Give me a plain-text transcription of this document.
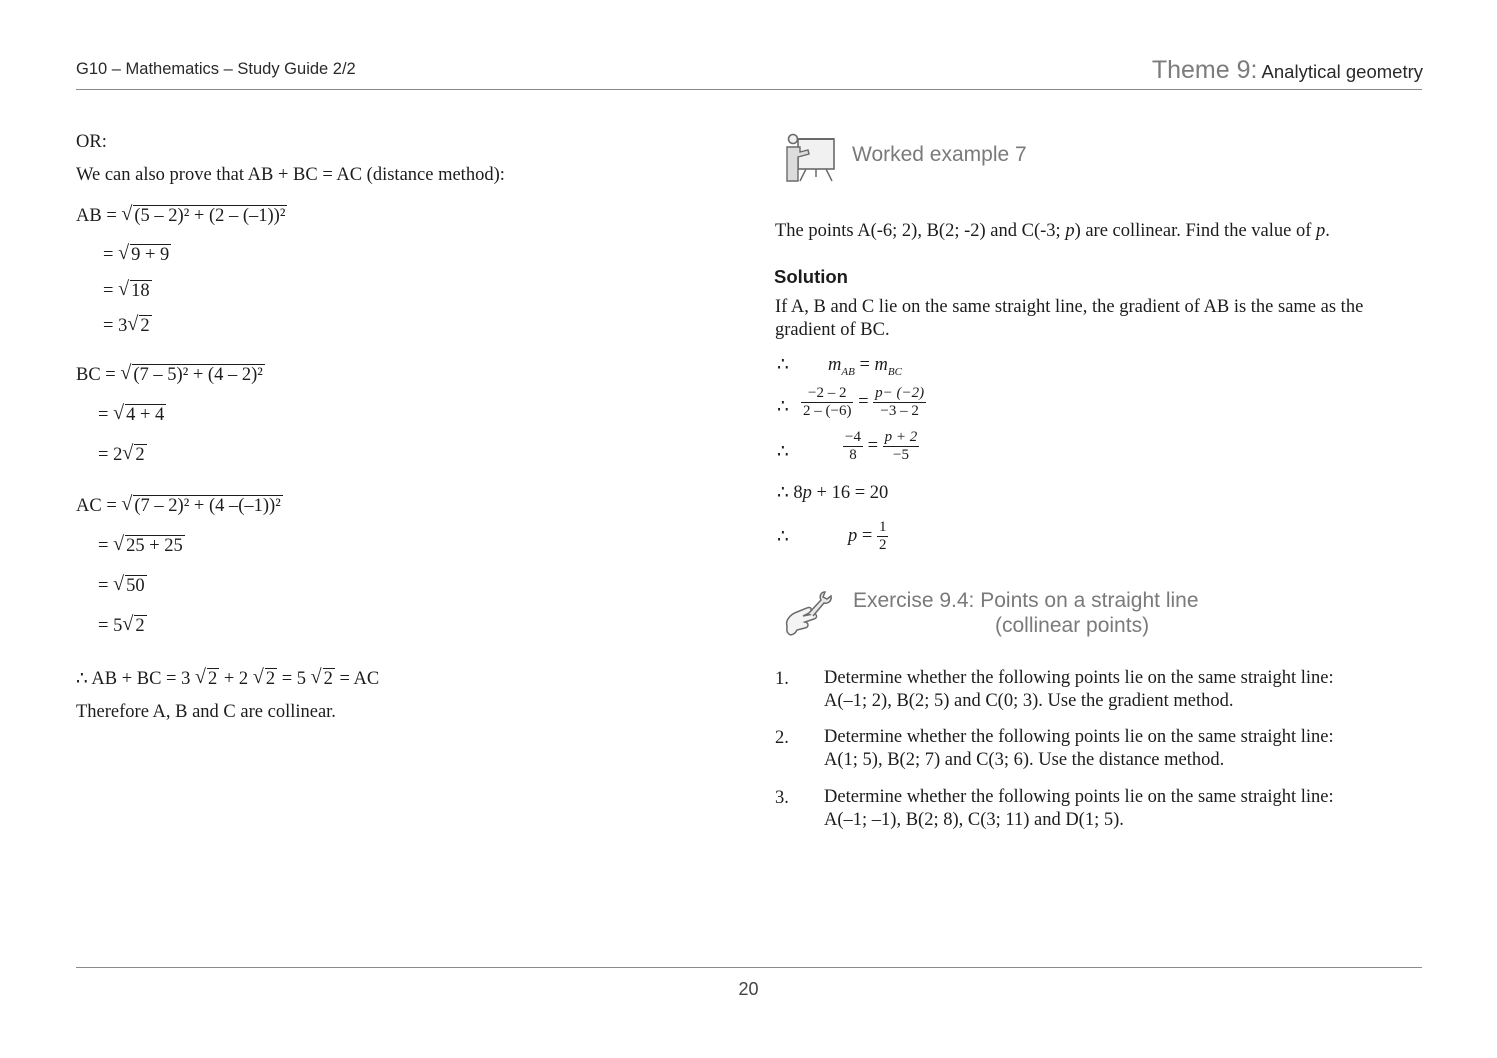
G10 – Mathematics – Study Guide 2/2	Theme 9: Analytical geometry
OR:
We can also prove that AB + BC = AC (distance method):
AB = √ (5 – 2)² + (2 – (–1))²
= √ 9 + 9
= √ 18
= 3 √ 2
BC = √ (7 – 5)² + (4 – 2)²
= √ 4 + 4
= 2 √ 2
AC = √ (7 – 2)² + (4 –(–1))²
= √ 25 + 25
= √ 50
= 5 √ 2
∴ AB + BC = 3 √ 2 + 2 √ 2 = 5 √ 2 = AC
Therefore A, B and C are collinear.
Worked example 7
The points A(-6; 2), B(2; -2) and C(-3; p) are collinear. Find the value of p.
Solution
If A, B and C lie on the same straight line, the gradient of AB is the same as the
gradient of BC.
∴ $m_{AB} = m_{BC}$
∴ $\frac{-2 - 2}{2 - (-6)} = \frac{p- (-2)}{-3 - 2}$
∴	$\frac{-4}{8} = \frac{p + 2}{-5}$
∴ 8p + 16 = 20
∴	$p = \frac{1}{2}$
Exercise 9.4: Points on a straight line
(collinear points)
1. Determine whether the following points lie on the same straight line:
A(–1; 2), B(2; 5) and C(0; 3). Use the gradient method.
2. Determine whether the following points lie on the same straight line:
A(1; 5), B(2; 7) and C(3; 6). Use the distance method.
3. Determine whether the following points lie on the same straight line:
A(–1; –1), B(2; 8), C(3; 11) and D(1; 5).
20
